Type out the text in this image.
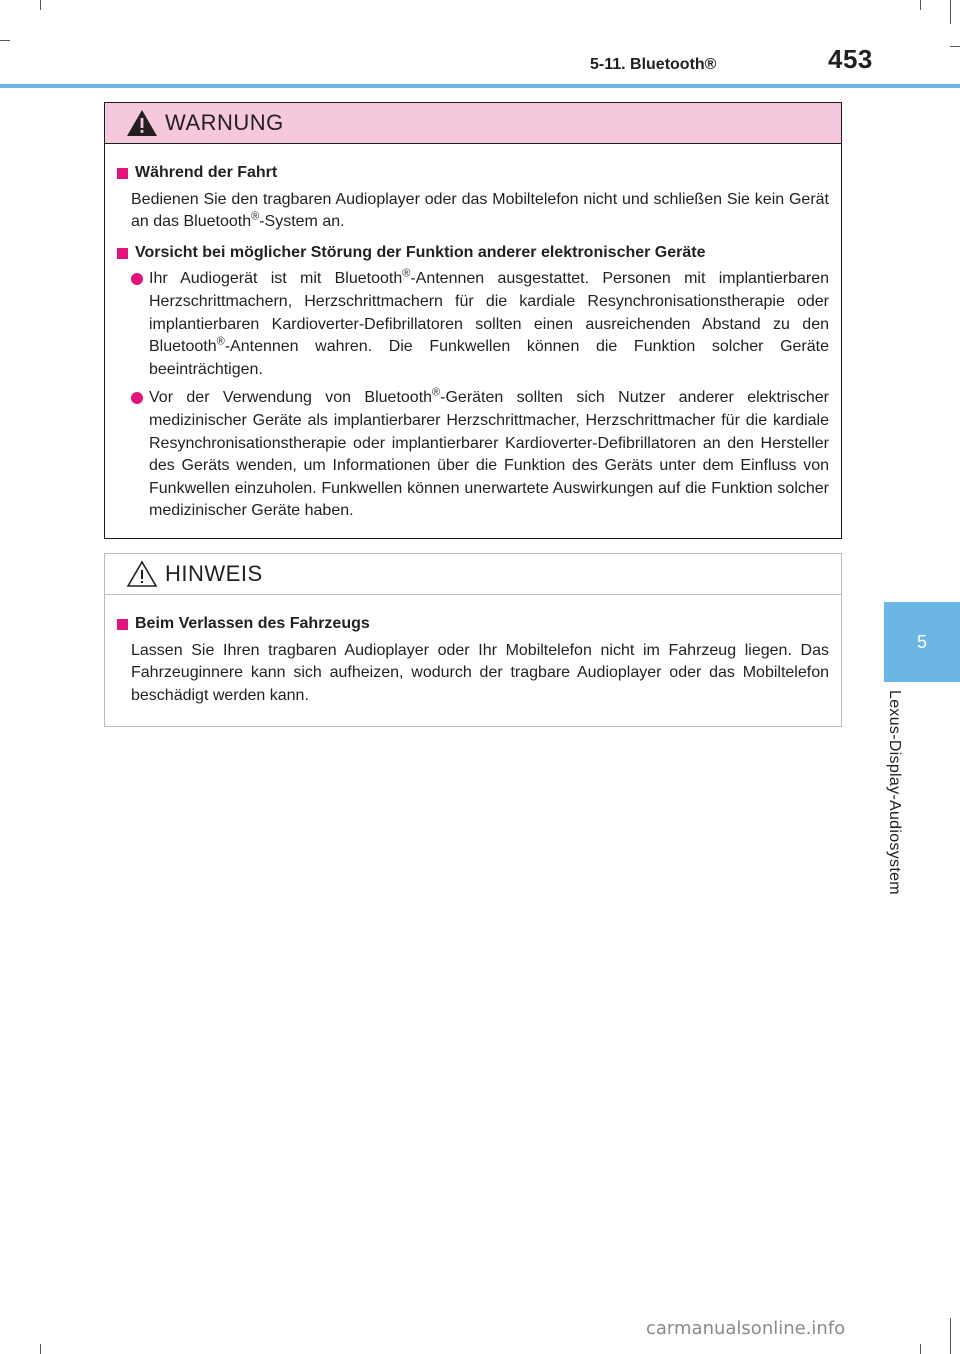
5-11. Bluetooth®	453
5
Lexus-Display-Audiosystem
WARNUNG
Während der Fahrt
Bedienen Sie den tragbaren Audioplayer oder das Mobiltelefon nicht und schließen Sie kein Gerät an das Bluetooth®-System an.
Vorsicht bei möglicher Störung der Funktion anderer elektronischer Geräte
Ihr Audiogerät ist mit Bluetooth®-Antennen ausgestattet. Personen mit implantierbaren Herzschrittmachern, Herzschrittmachern für die kardiale Resynchronisationstherapie oder implantierbaren Kardioverter-Defibrillatoren sollten einen ausreichenden Abstand zu den Bluetooth®-Antennen wahren. Die Funkwellen können die Funktion solcher Geräte beeinträchtigen.
Vor der Verwendung von Bluetooth®-Geräten sollten sich Nutzer anderer elektrischer medizinischer Geräte als implantierbarer Herzschrittmacher, Herzschrittmacher für die kardiale Resynchronisationstherapie oder implantierbarer Kardioverter-Defibrillatoren an den Hersteller des Geräts wenden, um Informationen über die Funktion des Geräts unter dem Einfluss von Funkwellen einzuholen. Funkwellen können unerwartete Auswirkungen auf die Funktion solcher medizinischer Geräte haben.
HINWEIS
Beim Verlassen des Fahrzeugs
Lassen Sie Ihren tragbaren Audioplayer oder Ihr Mobiltelefon nicht im Fahrzeug liegen. Das Fahrzeuginnere kann sich aufheizen, wodurch der tragbare Audioplayer oder das Mobiltelefon beschädigt werden kann.
carmanualsonline.info
